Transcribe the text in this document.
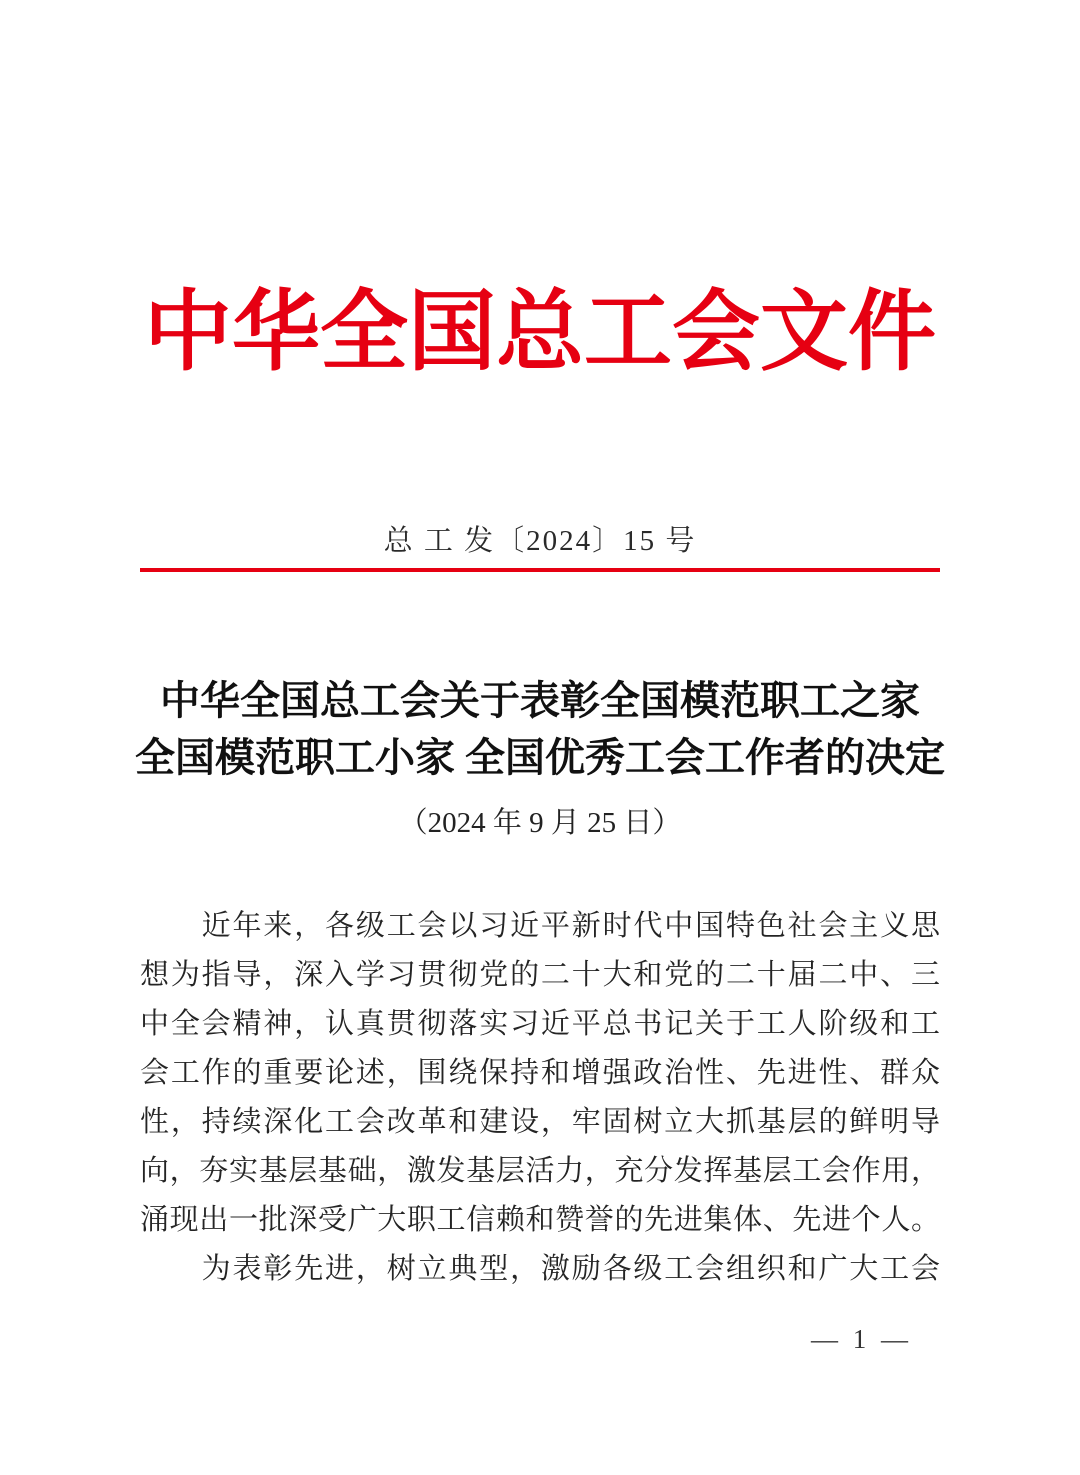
中华全国总工会文件
总 工 发〔2024〕15 号
中华全国总工会关于表彰全国模范职工之家
全国模范职工小家 全国优秀工会工作者的决定
（2024 年 9 月 25 日）
　　近年来，各级工会以习近平新时代中国特色社会主义思
想为指导，深入学习贯彻党的二十大和党的二十届二中、三
中全会精神，认真贯彻落实习近平总书记关于工人阶级和工
会工作的重要论述，围绕保持和增强政治性、先进性、群众
性，持续深化工会改革和建设，牢固树立大抓基层的鲜明导
向，夯实基层基础，激发基层活力，充分发挥基层工会作用，
涌现出一批深受广大职工信赖和赞誉的先进集体、先进个人。
　　为表彰先进，树立典型，激励各级工会组织和广大工会
— 1 —
